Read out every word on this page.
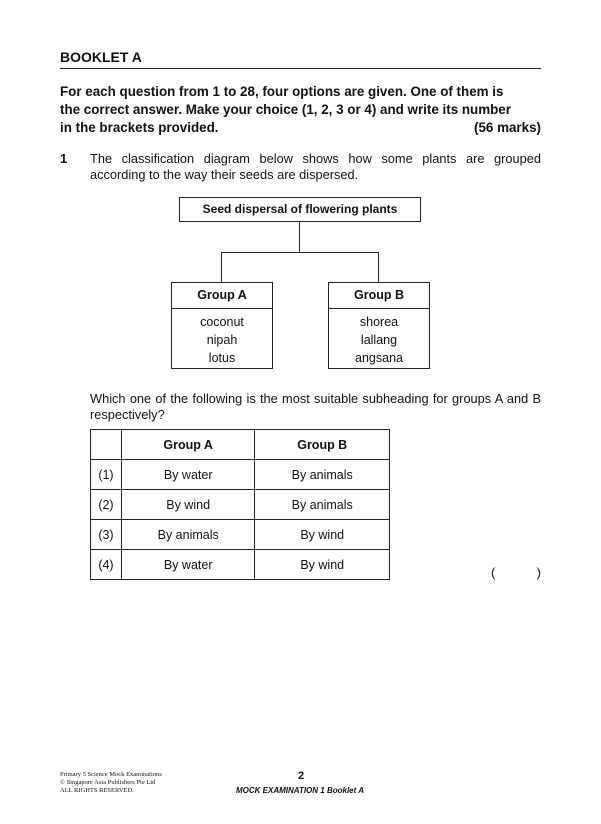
BOOKLET A
For each question from 1 to 28, four options are given. One of them is
the correct answer. Make your choice (1, 2, 3 or 4) and write its number
in the brackets provided.	(56 marks)
1 The classification diagram below shows how some plants are grouped according to the way their seeds are dispersed.
Seed dispersal of flowering plants
Group A
coconut
nipah
lotus
Group B
shorea
lallang
angsana
Which one of the following is the most suitable subheading for groups A and B respectively?
	Group A	Group B
(1)	By water	By animals
(2)	By wind	By animals
(3)	By animals	By wind
(4)	By water	By wind
(	)
Primary 5 Science Mock Examinations
© Singapore Asia Publishers Pte Ltd
ALL RIGHTS RESERVED.
2
MOCK EXAMINATION 1 Booklet A
